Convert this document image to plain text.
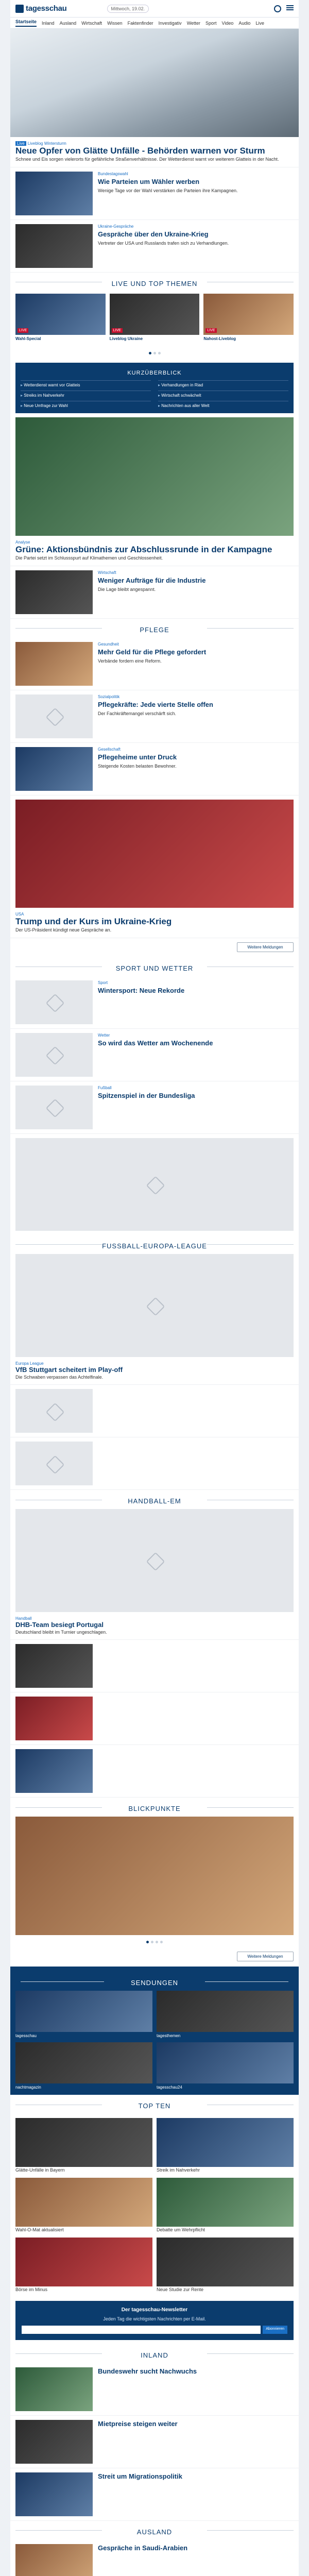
tagesschau	Mittwoch, 19.02.
Startseite Inland Ausland Wirtschaft Wissen Faktenfinder Investigativ Wetter Sport Video Audio Live
Live Liveblog Wintersturm
Neue Opfer von Glätte Unfälle - Behörden warnen vor Sturm
Schnee und Eis sorgen vielerorts für gefährliche Straßenverhältnisse. Der Wetterdienst warnt vor weiterem Glatteis in der Nacht.
Bundestagswahl
Wie Parteien um Wähler werben
Wenige Tage vor der Wahl verstärken die Parteien ihre Kampagnen.
Ukraine-Gespräche
Gespräche über den Ukraine-Krieg
Vertreter der USA und Russlands trafen sich zu Verhandlungen.
LIVE UND TOP THEMEN
LIVE
Wahl-Special
LIVE
Liveblog Ukraine
LIVE
Nahost-Liveblog
KURZÜBERBLICK
▸ Wetterdienst warnt vor Glatteis	▸ Verhandlungen in Riad
▸ Streiks im Nahverkehr	▸ Wirtschaft schwächelt
▸ Neue Umfrage zur Wahl	▸ Nachrichten aus aller Welt
Analyse
Grüne: Aktionsbündnis zur Abschlussrunde in der Kampagne
Die Partei setzt im Schlussspurt auf Klimathemen und Geschlossenheit.
Wirtschaft
Weniger Aufträge für die Industrie
Die Lage bleibt angespannt.
PFLEGE
Gesundheit
Mehr Geld für die Pflege gefordert
Verbände fordern eine Reform.
Sozialpolitik
Pflegekräfte: Jede vierte Stelle offen
Der Fachkräftemangel verschärft sich.
Gesellschaft
Pflegeheime unter Druck
Steigende Kosten belasten Bewohner.
USA
Trump und der Kurs im Ukraine-Krieg
Der US-Präsident kündigt neue Gespräche an.
Weitere Meldungen
SPORT UND WETTER
Sport
Wintersport: Neue Rekorde
Wetter
So wird das Wetter am Wochenende
Fußball
Spitzenspiel in der Bundesliga
FUSSBALL-EUROPA-LEAGUE
Europa League
VfB Stuttgart scheitert im Play-off
Die Schwaben verpassen das Achtelfinale.
HANDBALL-EM
Handball
DHB-Team besiegt Portugal
Deutschland bleibt im Turnier ungeschlagen.
BLICKPUNKTE
Weitere Meldungen
SENDUNGEN
tagesschau	tagesthemen
nachtmagazin	tagesschau24
TOP TEN
Glätte-Unfälle in Bayern	Streik im Nahverkehr
Wahl-O-Mat aktualisiert	Debatte um Wehrpflicht
Börse im Minus	Neue Studie zur Rente
Der tagesschau-Newsletter
Jeden Tag die wichtigsten Nachrichten per E-Mail.
Abonnieren
INLAND
Bundeswehr sucht Nachwuchs
Mietpreise steigen weiter
Streit um Migrationspolitik
AUSLAND
Gespräche in Saudi-Arabien
